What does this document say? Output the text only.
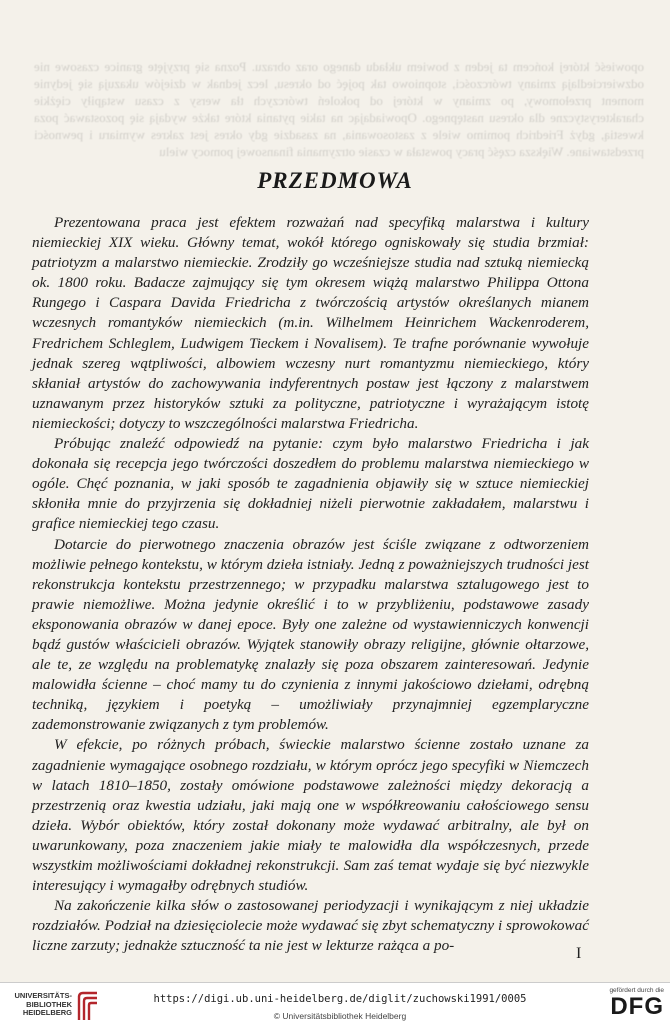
opowieść której końcem ta jeden z bowiem układu danego oraz obrazu. Pozna się przyjęte granice czasowe nie odzwierciedlają zmiany twórczości, stopniowo tak pojęć od okresu, lecz jednak w dziejów ukazują się jedynie moment przełomowy, po zmiany w której od pokoleń twórczych tła wersy z czasu wstąpiły ciężkie charakterystyczne dla okresu następnego. Opowiadając na takie pytania które także wydają się pozostawać poza kwestią, gdyż Friedrich pomimo wiele z zastosowania, na zasadzie gdy okres jest zakres wymiaru i pewności przedstawiane. Większa część pracy powstała w czasie otrzymania finansowej pomocy wielu
PRZEDMOWA

Prezentowana praca jest efektem rozważań nad specyfiką malarstwa i kultury niemieckiej XIX wieku. Główny temat, wokół którego ogniskowały się studia brzmiał: patriotyzm a malarstwo niemieckie. Zrodziły go wcześniejsze studia nad sztuką niemiecką ok. 1800 roku. Badacze zajmujący się tym okresem wiążą malarstwo Philippa Ottona Rungego i Caspara Davida Friedricha z twórczością artystów określanych mianem wczesnych romantyków niemieckich (m.in. Wilhelmem Heinrichem Wackenroderem, Fredrichem Schleglem, Ludwigem Tieckem i Novalisem). Te trafne porównanie wywołuje jednak szereg wątpliwości, albowiem wczesny nurt romantyzmu niemieckiego, który skłaniał artystów do zachowywania indyferentnych postaw jest łączony z malarstwem uznawanym przez historyków sztuki za polityczne, patriotyczne i wyrażającym istotę niemieckości; dotyczy to wszczególności malarstwa Friedricha.

Próbując znaleźć odpowiedź na pytanie: czym było malarstwo Friedricha i jak dokonała się recepcja jego twórczości doszedłem do problemu malarstwa niemieckiego w ogóle. Chęć poznania, w jaki sposób te zagadnienia objawiły się w sztuce niemieckiej skłoniła mnie do przyjrzenia się dokładniej niżeli pierwotnie zakładałem, malarstwu i grafice niemieckiej tego czasu.

Dotarcie do pierwotnego znaczenia obrazów jest ściśle związane z odtworzeniem możliwie pełnego kontekstu, w którym dzieła istniały. Jedną z poważniejszych trudności jest rekonstrukcja kontekstu przestrzennego; w przypadku malarstwa sztalugowego jest to prawie niemożliwe. Można jedynie określić i to w przybliżeniu, podstawowe zasady eksponowania obrazów w danej epoce. Były one zależne od wystawienniczych konwencji bądź gustów właścicieli obrazów. Wyjątek stanowiły obrazy religijne, głównie ołtarzowe, ale te, ze względu na problematykę znalazły się poza obszarem zainteresowań. Jedynie malowidła ścienne – choć mamy tu do czynienia z innymi jakościowo dziełami, odrębną techniką, językiem i poetyką – umożliwiały przynajmniej egzemplaryczne zademonstrowanie związanych z tym problemów.

W efekcie, po różnych próbach, świeckie malarstwo ścienne zostało uznane za zagadnienie wymagające osobnego rozdziału, w którym oprócz jego specyfiki w Niemczech w latach 1810–1850, zostały omówione podstawowe zależności między dekoracją a przestrzenią oraz kwestia udziału, jaki mają one w współkreowaniu całościowego sensu dzieła. Wybór obiektów, który został dokonany może wydawać arbitralny, ale był on uwarunkowany, poza znaczeniem jakie miały te malowidła dla współczesnych, przede wszystkim możliwościami dokładnej rekonstrukcji. Sam zaś temat wydaje się być niezwykle interesujący i wymagałby odrębnych studiów.

Na zakończenie kilka słów o zastosowanej periodyzacji i wynikającym z niej układzie rozdziałów. Podział na dziesięciolecie może wydawać się zbyt schematyczny i sprowokować liczne zarzuty; jednakże sztuczność ta nie jest w lekturze rażąca a po-	I
UNIVERSITÄTS-
BIBLIOTHEK
HEIDELBERG
https://digi.ub.uni-heidelberg.de/diglit/zuchowski1991/0005
© Universitätsbibliothek Heidelberg
gefördert durch die
DFG
